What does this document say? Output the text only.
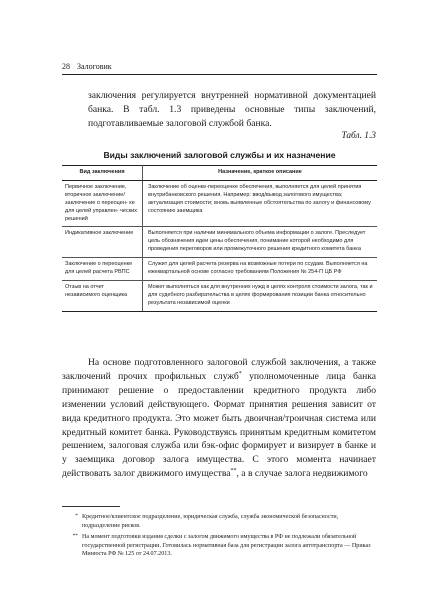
28 Залоговик

заключения регулируется внутренней нормативной документацией банка. В табл. 1.3 приведены основные типы заключений, подготавливаемые залоговой службой банка.

Табл. 1.3
Виды заключений залоговой службы и их назначение
Вид заключения	Назначение, краткое описание
Первичное заключение, вторичное заключение/ заключение о переоцен- ке для целей управлен- ческих решений	Заключение об оценке-переоценке обеспечения, выполняется для целей принятия внутрибанковского решения. Например: ввод/вывод залогового имущества; актуализация стоимости; вновь выявленные обстоятельства по залогу и финансовому состоянию заемщика
Индикативное заключение	Выполняется при наличии минимального объема информации о залоге. Преследует цель обозначения идеи цены обеспечения, понимание которой необходимо для проведения переговоров или промежуточного решения кредитного комитета банка
Заключение о переоценке для целей расчета РВПС	Служит для целей расчета резерва на возможные потери по ссудам. Выполняется на ежеквартальной основе согласно требованиям Положения № 254-П ЦБ РФ
Отзыв на отчет независимого оценщика	Может выполняться как для внутренних нужд в целях контроля стоимости залога, так и для судебного разбирательства в целях формирования позиции банка относительно результата независимой оценки

На основе подготовленного залоговой службой заключения, а также заключений прочих профильных служб* уполномоченные лица банка принимают решение о предоставлении кредитного продукта либо изменении условий действующего. Формат принятия решения зависит от вида кредитного продукта. Это может быть двоичная/троичная система или кредитный комитет банка. Руководствуясь принятым кредитным комитетом решением, залоговая служба или бэк-офис формирует и визирует в банке и у заемщика договор залога имущества. С этого момента начинает действовать залог движимого имущества**, а в случае залога недвижимого

* Кредитное/клиентское подразделение, юридическая служба, служба экономической безопасности, подразделение рисков.
** На момент подготовки издания сделки с залогом движимого имущества в РФ не подлежали обязательной государственной регистрации. Готовилась нормативная база для регистрации залога автотранспорта — Приказ Минюста РФ № 125 от 24.07.2013.
